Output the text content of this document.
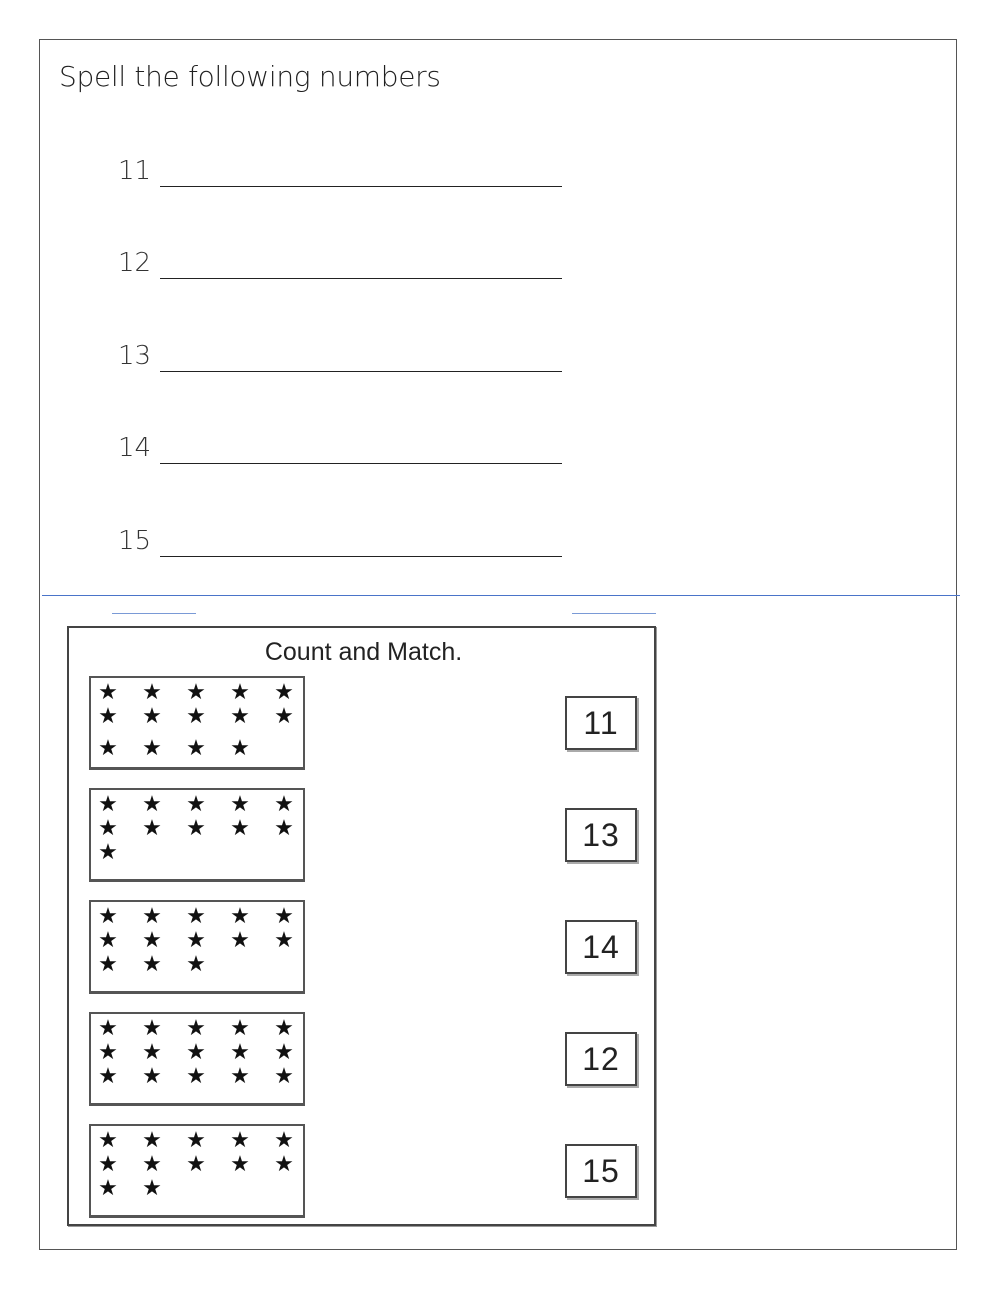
Spell the following numbers
11
12
13
14
15
Count and Match.
★ ★ ★ ★ ★
★ ★ ★ ★ ★
★ ★ ★ ★
★ ★ ★ ★ ★
★ ★ ★ ★ ★
★
★ ★ ★ ★ ★
★ ★ ★ ★ ★
★ ★ ★
★ ★ ★ ★ ★
★ ★ ★ ★ ★
★ ★ ★ ★ ★
★ ★ ★ ★ ★
★ ★ ★ ★ ★
★ ★
11
13
14
12
15
